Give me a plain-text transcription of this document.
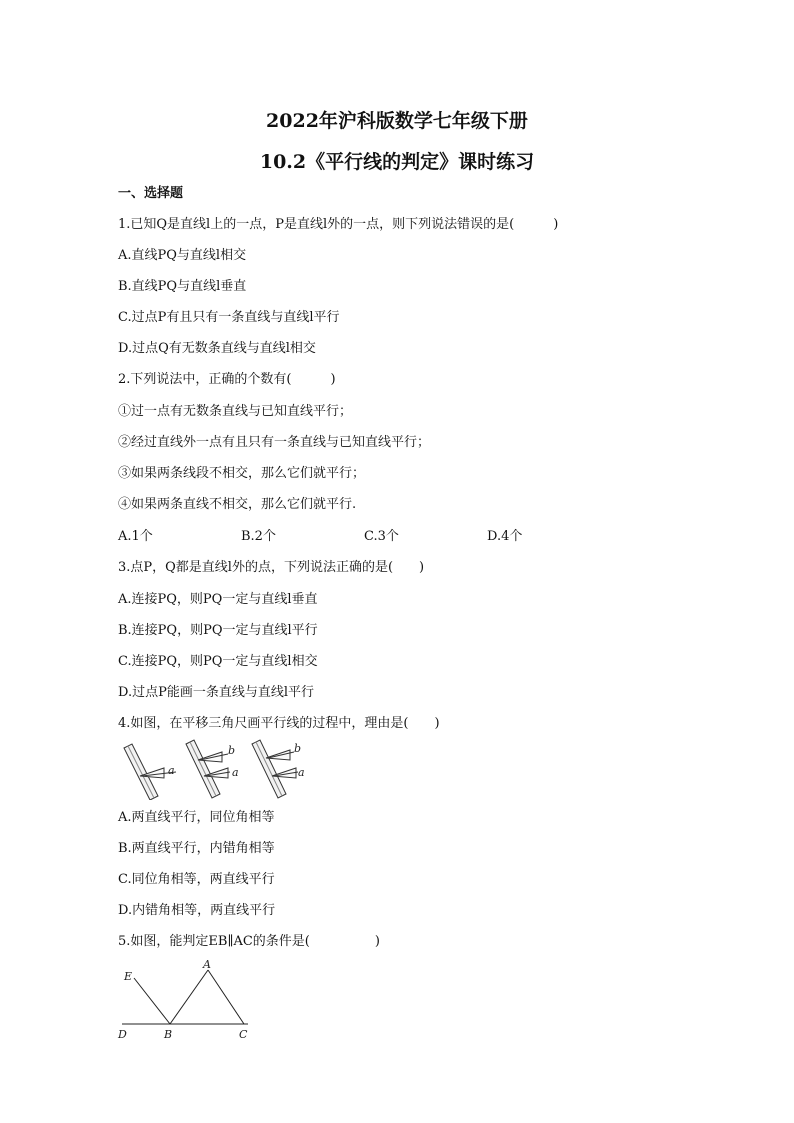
2022年沪科版数学七年级下册
10.2《平行线的判定》课时练习
一、选择题
1.已知Q是直线l上的一点，P是直线l外的一点，则下列说法错误的是(　　　)
A.直线PQ与直线l相交
B.直线PQ与直线l垂直
C.过点P有且只有一条直线与直线l平行
D.过点Q有无数条直线与直线l相交
2.下列说法中，正确的个数有(　　　)
①过一点有无数条直线与已知直线平行；
②经过直线外一点有且只有一条直线与已知直线平行；
③如果两条线段不相交，那么它们就平行；
④如果两条直线不相交，那么它们就平行.
A.1个	B.2个	C.3个	D.4个
3.点P，Q都是直线l外的点，下列说法正确的是(　　)
A.连接PQ，则PQ一定与直线l垂直
B.连接PQ，则PQ一定与直线l平行
C.连接PQ，则PQ一定与直线l相交
D.过点P能画一条直线与直线l平行
4.如图，在平移三角尺画平行线的过程中，理由是(　　)
a
b
a
b
a
A.两直线平行，同位角相等
B.两直线平行，内错角相等
C.同位角相等，两直线平行
D.内错角相等，两直线平行
5.如图，能判定EB∥AC的条件是(　　　　　)
E
A
D	B	C
